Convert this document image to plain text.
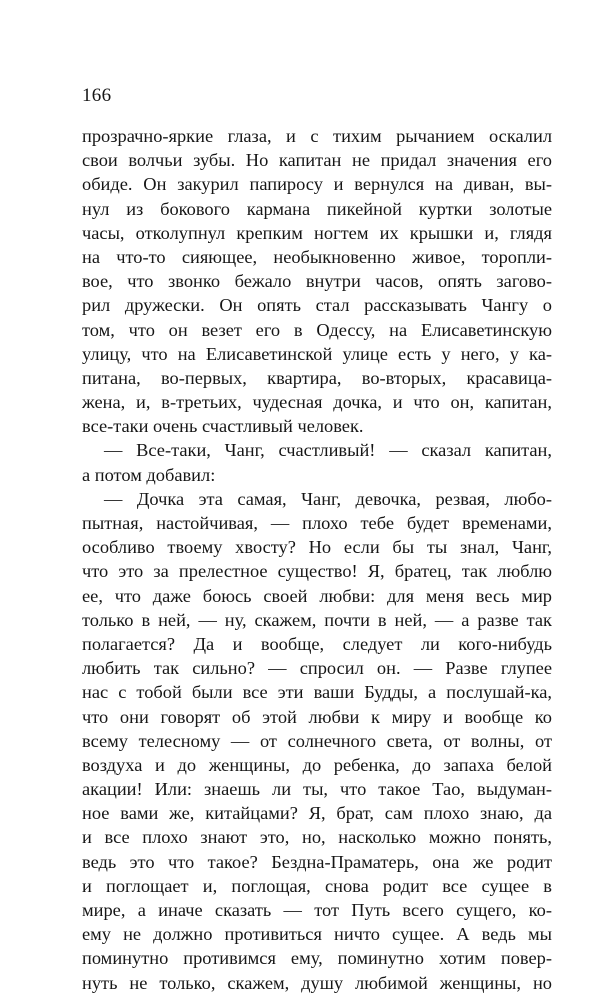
166
прозрачно-яркие глаза, и с тихим рычанием оскалил
свои волчьи зубы. Но капитан не придал значения его
обиде. Он закурил папиросу и вернулся на диван, вы-
нул из бокового кармана пикейной куртки золотые
часы, отколупнул крепким ногтем их крышки и, глядя
на что-то сияющее, необыкновенно живое, торопли-
вое, что звонко бежало внутри часов, опять загово-
рил дружески. Он опять стал рассказывать Чангу о
том, что он везет его в Одессу, на Елисаветинскую
улицу, что на Елисаветинской улице есть у него, у ка-
питана, во-первых, квартира, во-вторых, красавица-
жена, и, в-третьих, чудесная дочка, и что он, капитан,
все-таки очень счастливый человек.
— Все-таки, Чанг, счастливый! — сказал капитан,
а потом добавил:
— Дочка эта самая, Чанг, девочка, резвая, любо-
пытная, настойчивая, — плохо тебе будет временами,
особливо твоему хвосту? Но если бы ты знал, Чанг,
что это за прелестное существо! Я, братец, так люблю
ее, что даже боюсь своей любви: для меня весь мир
только в ней, — ну, скажем, почти в ней, — а разве так
полагается? Да и вообще, следует ли кого-нибудь
любить так сильно? — спросил он. — Разве глупее
нас с тобой были все эти ваши Будды, а послушай-ка,
что они говорят об этой любви к миру и вообще ко
всему телесному — от солнечного света, от волны, от
воздуха и до женщины, до ребенка, до запаха белой
акации! Или: знаешь ли ты, что такое Тао, выдуман-
ное вами же, китайцами? Я, брат, сам плохо знаю, да
и все плохо знают это, но, насколько можно понять,
ведь это что такое? Бездна-Праматерь, она же родит
и поглощает и, поглощая, снова родит все сущее в
мире, а иначе сказать — тот Путь всего сущего, ко-
ему не должно противиться ничто сущее. А ведь мы
поминутно противимся ему, поминутно хотим повер-
нуть не только, скажем, душу любимой женщины, но
